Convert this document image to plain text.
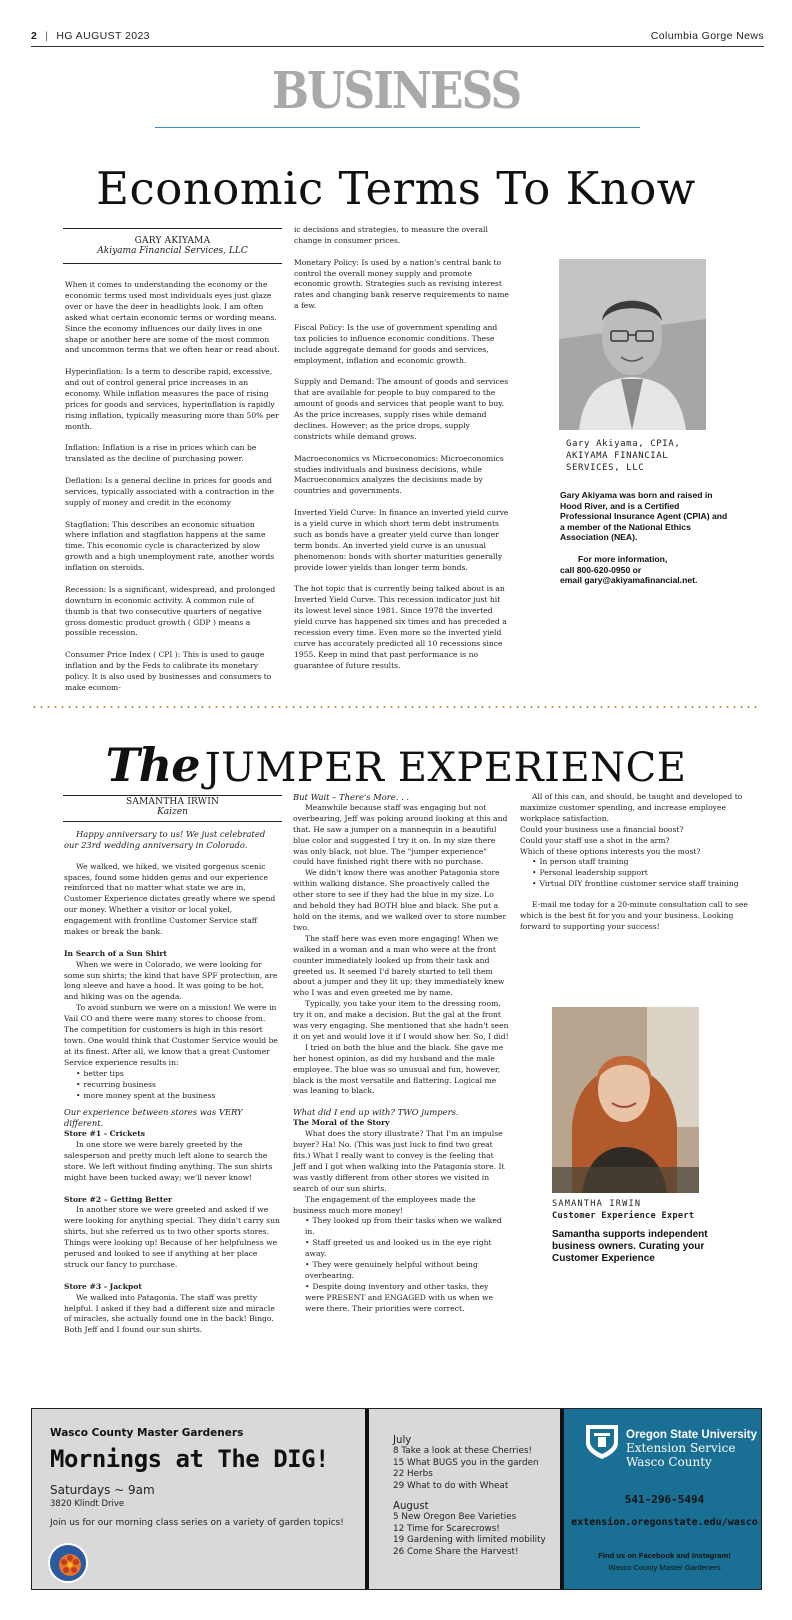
2 | HG AUGUST 2023	Columbia Gorge News
BUSINESS
Economic Terms To Know
GARY AKIYAMA
Akiyama Financial Services, LLC

When it comes to understanding the economy or the economic terms used most individuals eyes just glaze over or have the deer in headlights look. I am often asked what certain economic terms or wording means. Since the economy influences our daily lives in one shape or another here are some of the most common and uncommon terms that we often hear or read about.

Hyperinflation: Is a term to describe rapid, excessive, and out of control general price increases in an economy. While inflation measures the pace of rising prices for goods and services, hyperinflation is rapidly rising inflation, typically measuring more than 50% per month.

Inflation: Inflation is a rise in prices which can be translated as the decline of purchasing power.

Deflation: Is a general decline in prices for goods and services, typically associated with a contraction in the supply of money and credit in the economy

Stagflation: This describes an economic situation where inflation and stagflation happens at the same time. This economic cycle is characterized by slow growth and a high unemployment rate, another words inflation on steroids.

Recession: Is a significant, widespread, and prolonged downturn in economic activity. A common rule of thumb is that two consecutive quarters of negative gross domestic product growth ( GDP ) means a possible recession.

Consumer Price Index ( CPI ): This is used to gauge inflation and by the Feds to calibrate its monetary policy. It is also used by businesses and consumers to make econom-

ic decisions and strategies, to measure the overall change in consumer prices.

Monetary Policy: Is used by a nation's central bank to control the overall money supply and promote economic growth. Strategies such as revising interest rates and changing bank reserve requirements to name a few.

Fiscal Policy: Is the use of government spending and tax policies to influence economic conditions. These include aggregate demand for goods and services, employment, inflation and economic growth.

Supply and Demand: The amount of goods and services that are available for people to buy compared to the amount of goods and services that people want to buy. As the price increases, supply rises while demand declines. However; as the price drops, supply constricts while demand grows.

Macroeconomics vs Microeconomics: Microeconomics studies individuals and business decisions, while Macroeconomics analyzes the decisions made by countries and governments.

Inverted Yield Curve: In finance an inverted yield curve is a yield curve in which short term debt instruments such as bonds have a greater yield curve than longer term bonds. An inverted yield curve is an unusual phenomenon: bonds with shorter maturities generally provide lower yields than longer term bonds.

The hot topic that is currently being talked about is an Inverted Yield Curve. This recession indicator just hit its lowest level since 1981. Since 1978 the inverted yield curve has happened six times and has preceded a recession every time. Even more so the inverted yield curve has accurately predicted all 10 recessions since 1955. Keep in mind that past performance is no guarantee of future results.

Gary Akiyama, CPIA,
AKIYAMA FINANCIAL
SERVICES, LLC
Gary Akiyama was born and raised in Hood River, and is a Certified Professional Insurance Agent (CPIA) and a member of the National Ethics Association (NEA).
For more information,
call 800-620-0950 or
email gary@akiyamafinancial.net.
The JUMPER EXPERIENCE
SAMANTHA IRWIN
Kaizen

Happy anniversary to us! We just celebrated our 23rd wedding anniversary in Colorado.

We walked, we hiked, we visited gorgeous scenic spaces, found some hidden gems and our experience reinforced that no matter what state we are in, Customer Experience dictates greatly where we spend our money. Whether a visitor or local yokel, engagement with frontline Customer Service staff makes or break the bank.

In Search of a Sun Shirt
When we were in Colorado, we were looking for some sun shirts; the kind that have SPF protection, are long sleeve and have a hood. It was going to be hot, and hiking was on the agenda.
To avoid sunburn we were on a mission! We were in Vail CO and there were many stores to choose from. The competition for customers is high in this resort town. One would think that Customer Service would be at its finest. After all, we know that a great Customer Service experience results in:
• better tips
• recurring business
• more money spent at the business
Our experience between stores was VERY different.
Store #1 - Crickets

In one store we were barely greeted by the salesperson and pretty much left alone to search the store. We left without finding anything. The sun shirts might have been tucked away; we'll never know!

Store #2 – Getting Better

In another store we were greeted and asked if we were looking for anything special. They didn't carry sun shirts, but she referred us to two other sports stores. Things were looking up! Because of her helpfulness we perused and looked to see if anything at her place struck our fancy to purchase.

Store #3 - Jackpot

We walked into Patagonia. The staff was pretty helpful. I asked if they had a different size and miracle of miracles, she actually found one in the back! Bingo. Both Jeff and I found our sun shirts.

But Wait – There's More. . .
Meanwhile because staff was engaging but not overbearing, Jeff was poking around looking at this and that. He saw a jumper on a mannequin in a beautiful blue color and suggested I try it on. In my size there was only black, not blue. The "jumper experience" could have finished right there with no purchase.
We didn't know there was another Patagonia store within walking distance. She proactively called the other store to see if they had the blue in my size. Lo and behold they had BOTH blue and black. She put a hold on the items, and we walked over to store number two.
The staff here was even more engaging! When we walked in a woman and a man who were at the front counter immediately looked up from their task and greeted us. It seemed I'd barely started to tell them about a jumper and they lit up; they immediately knew who I was and even greeted me by name.
Typically, you take your item to the dressing room, try it on, and make a decision. But the gal at the front was very engaging. She mentioned that she hadn't seen it on yet and would love it if I would show her. So, I did!
I tried on both the blue and the black. She gave me her honest opinion, as did my husband and the male employee. The blue was so unusual and fun, however, black is the most versatile and flattering. Logical me was leaning to black.
What did I end up with? TWO jumpers.
The Moral of the Story
What does the story illustrate? That I'm an impulse buyer? Ha! No. (This was just luck to find two great fits.) What I really want to convey is the feeling that Jeff and I got when walking into the Patagonia store. It was vastly different from other stores we visited in search of our sun shirts.
The engagement of the employees made the business much more money!
• They looked up from their tasks when we walked in.
• Staff greeted us and looked us in the eye right away.
• They were genuinely helpful without being overbearing.
• Despite doing inventory and other tasks, they were PRESENT and ENGAGED with us when we were there. Their priorities were correct.
All of this can, and should, be taught and developed to maximize customer spending, and increase employee workplace satisfaction.
Could your business use a financial boost?
Could your staff use a shot in the arm?
Which of these options interests you the most?
• In person staff training
• Personal leadership support
• Virtual DIY frontline customer service staff training
E-mail me today for a 20-minute consultation call to see which is the best fit for you and your business. Looking forward to supporting your success!
SAMANTHA IRWIN
Customer Experience Expert
Samantha supports independent business owners. Curating your Customer Experience
Wasco County Master Gardeners
Mornings at The DIG!
Saturdays ~ 9am
3820 Klindt Drive
Join us for our morning class series on a variety of garden topics!
July
8 Take a look at these Cherries!
15 What BUGS you in the garden
22 Herbs
29 What to do with Wheat
August
5 New Oregon Bee Varieties
12 Time for Scarecrows!
19 Gardening with limited mobility
26 Come Share the Harvest!
Oregon State University
Extension Service
Wasco County
541-296-5494
extension.oregonstate.edu/wasco
Find us on Facebook and Instagram!
Wasco County Master Gardeners
